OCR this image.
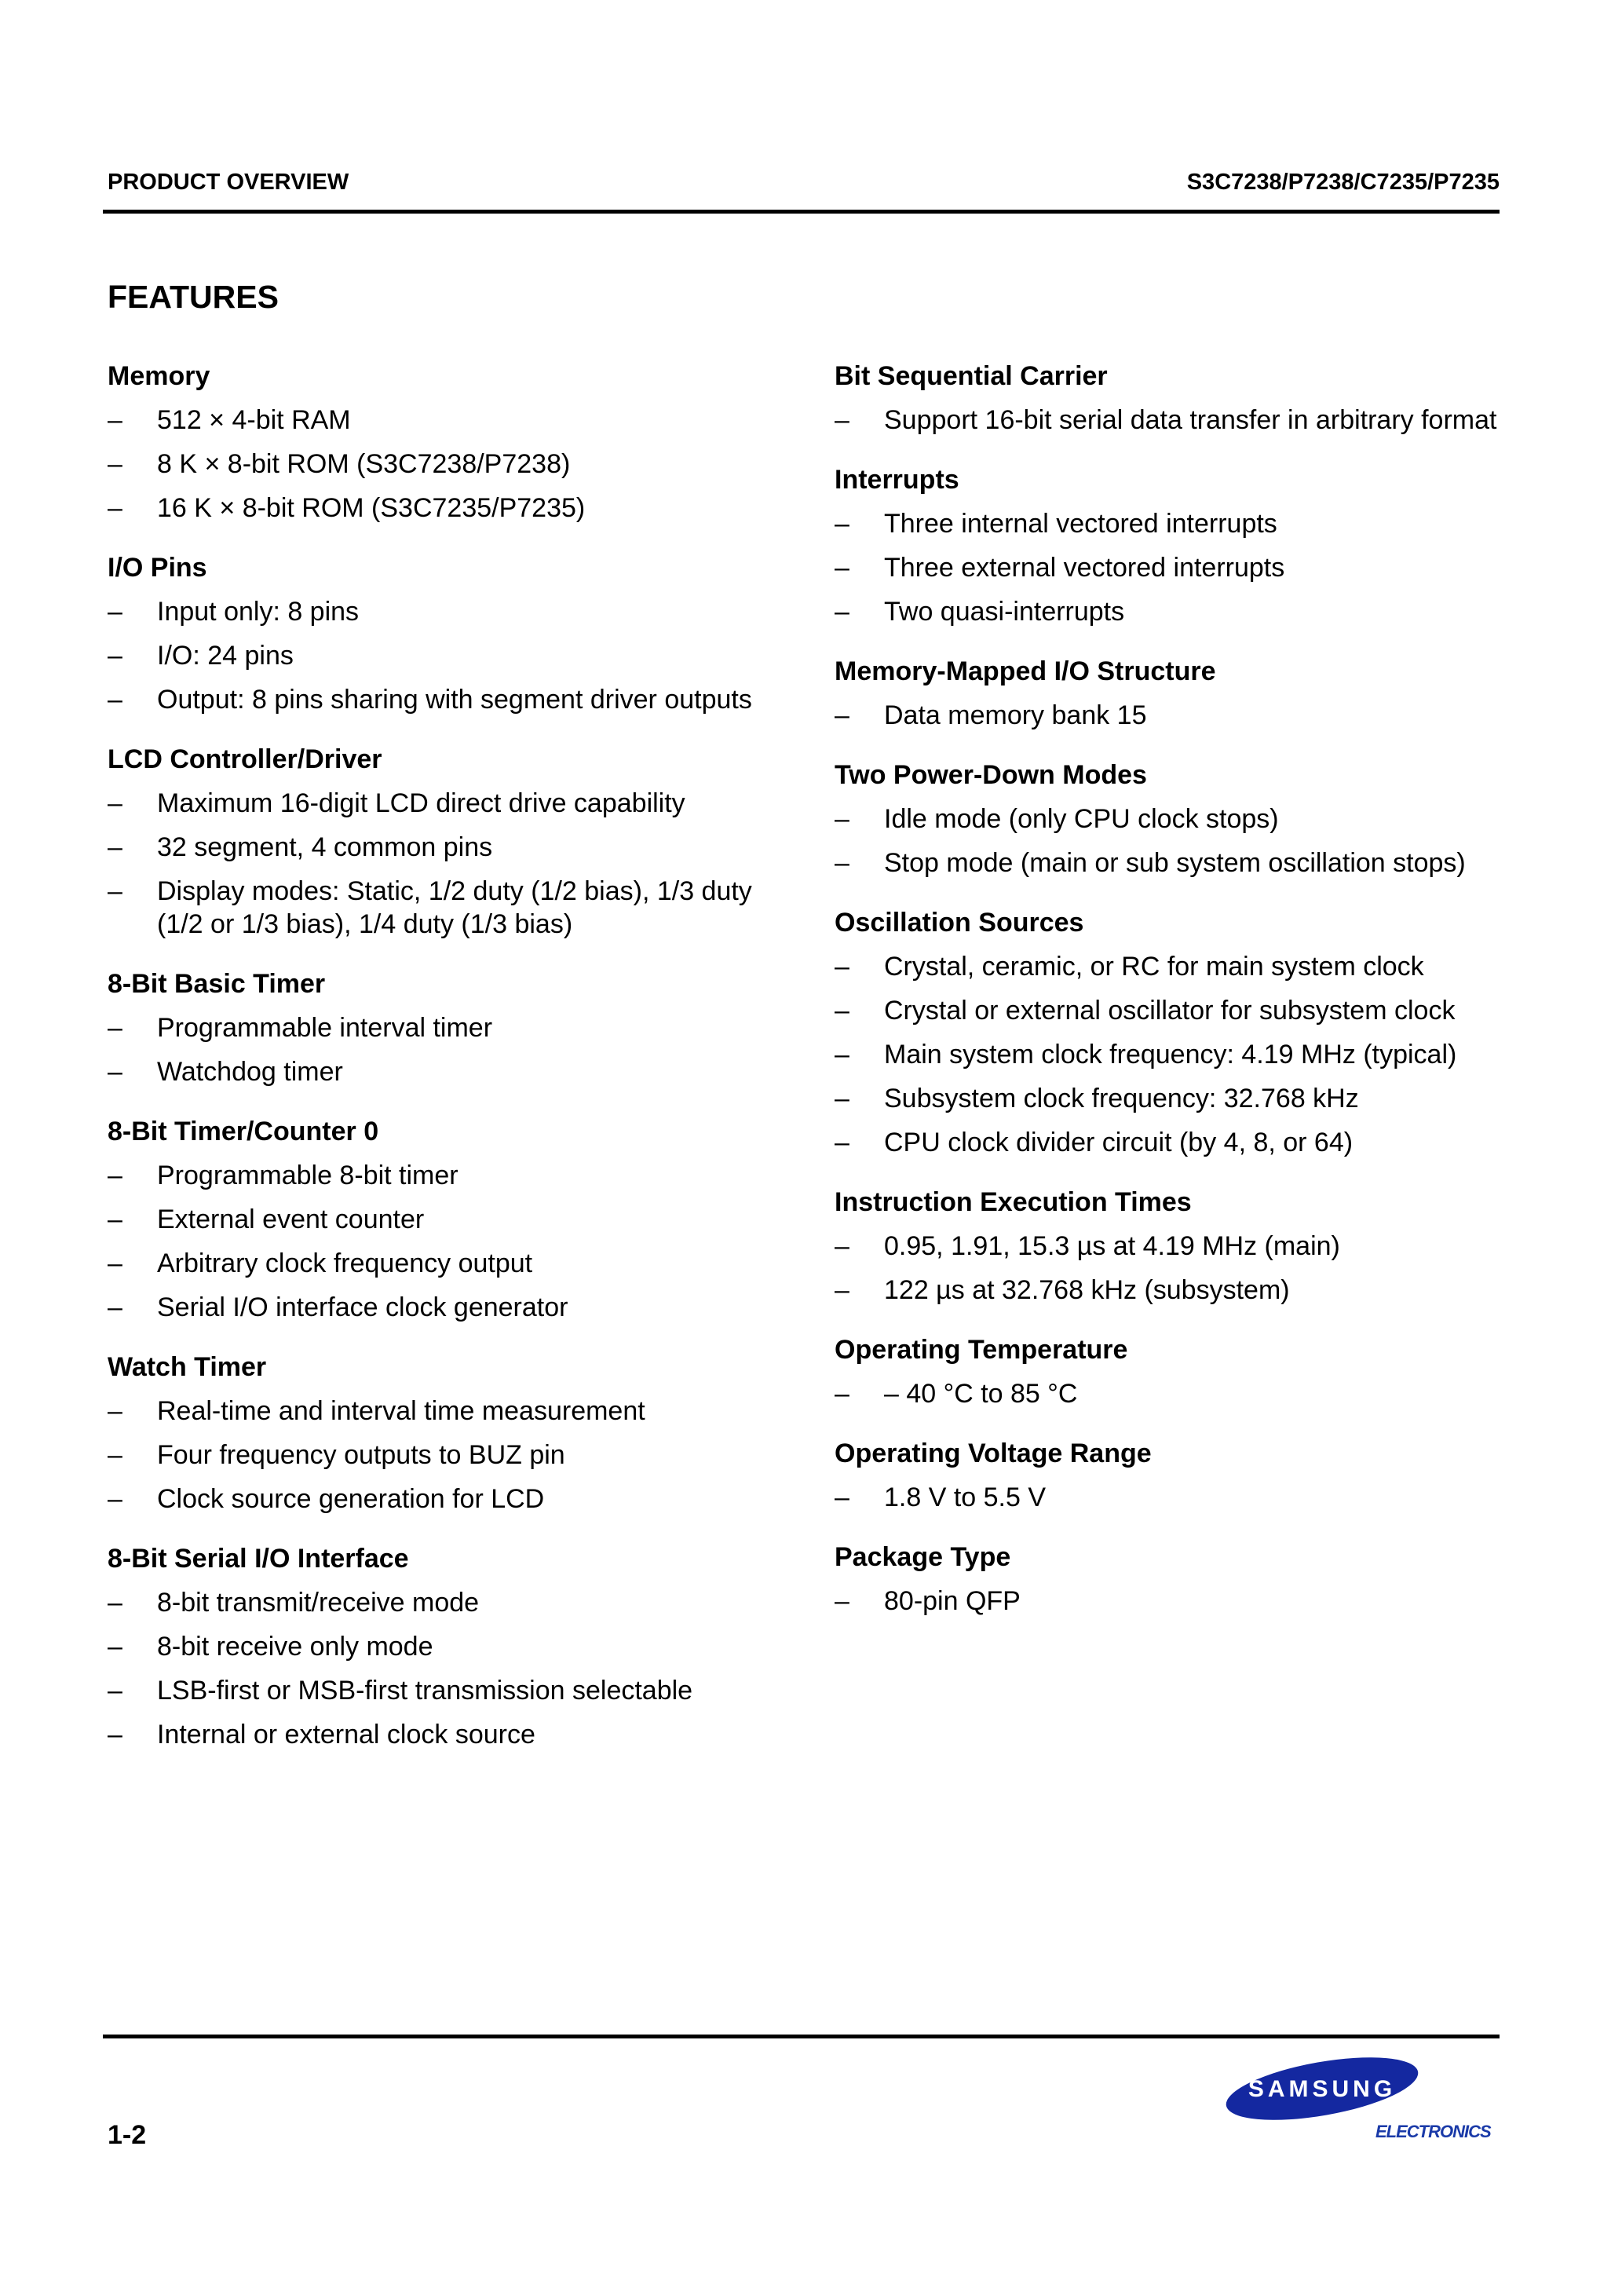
PRODUCT OVERVIEW	S3C7238/P7238/C7235/P7235
FEATURES
Memory
– 512 × 4-bit RAM
– 8 K × 8-bit ROM (S3C7238/P7238)
– 16 K × 8-bit ROM (S3C7235/P7235)
I/O Pins
– Input only: 8 pins
– I/O: 24 pins
– Output: 8 pins sharing with segment driver outputs
LCD Controller/Driver
– Maximum 16-digit LCD direct drive capability
– 32 segment, 4 common pins
– Display modes: Static, 1/2 duty (1/2 bias), 1/3 duty (1/2 or 1/3 bias), 1/4 duty (1/3 bias)
8-Bit Basic Timer
– Programmable interval timer
– Watchdog timer
8-Bit Timer/Counter 0
– Programmable 8-bit timer
– External event counter
– Arbitrary clock frequency output
– Serial I/O interface clock generator
Watch Timer
– Real-time and interval time measurement
– Four frequency outputs to BUZ pin
– Clock source generation for LCD
8-Bit Serial I/O Interface
– 8-bit transmit/receive mode
– 8-bit receive only mode
– LSB-first or MSB-first transmission selectable
– Internal or external clock source
Bit Sequential Carrier
– Support 16-bit serial data transfer in arbitrary format
Interrupts
– Three internal vectored interrupts
– Three external vectored interrupts
– Two quasi-interrupts
Memory-Mapped I/O Structure
– Data memory bank 15
Two Power-Down Modes
– Idle mode (only CPU clock stops)
– Stop mode (main or sub system oscillation stops)
Oscillation Sources
– Crystal, ceramic, or RC for main system clock
– Crystal or external oscillator for subsystem clock
– Main system clock frequency: 4.19 MHz (typical)
– Subsystem clock frequency: 32.768 kHz
– CPU clock divider circuit (by 4, 8, or 64)
Instruction Execution Times
– 0.95, 1.91, 15.3 µs at 4.19 MHz (main)
– 122 µs at 32.768 kHz (subsystem)
Operating Temperature
– – 40 °C to 85 °C
Operating Voltage Range
– 1.8 V to 5.5 V
Package Type
– 80-pin QFP
1-2
SAMSUNG
ELECTRONICS
